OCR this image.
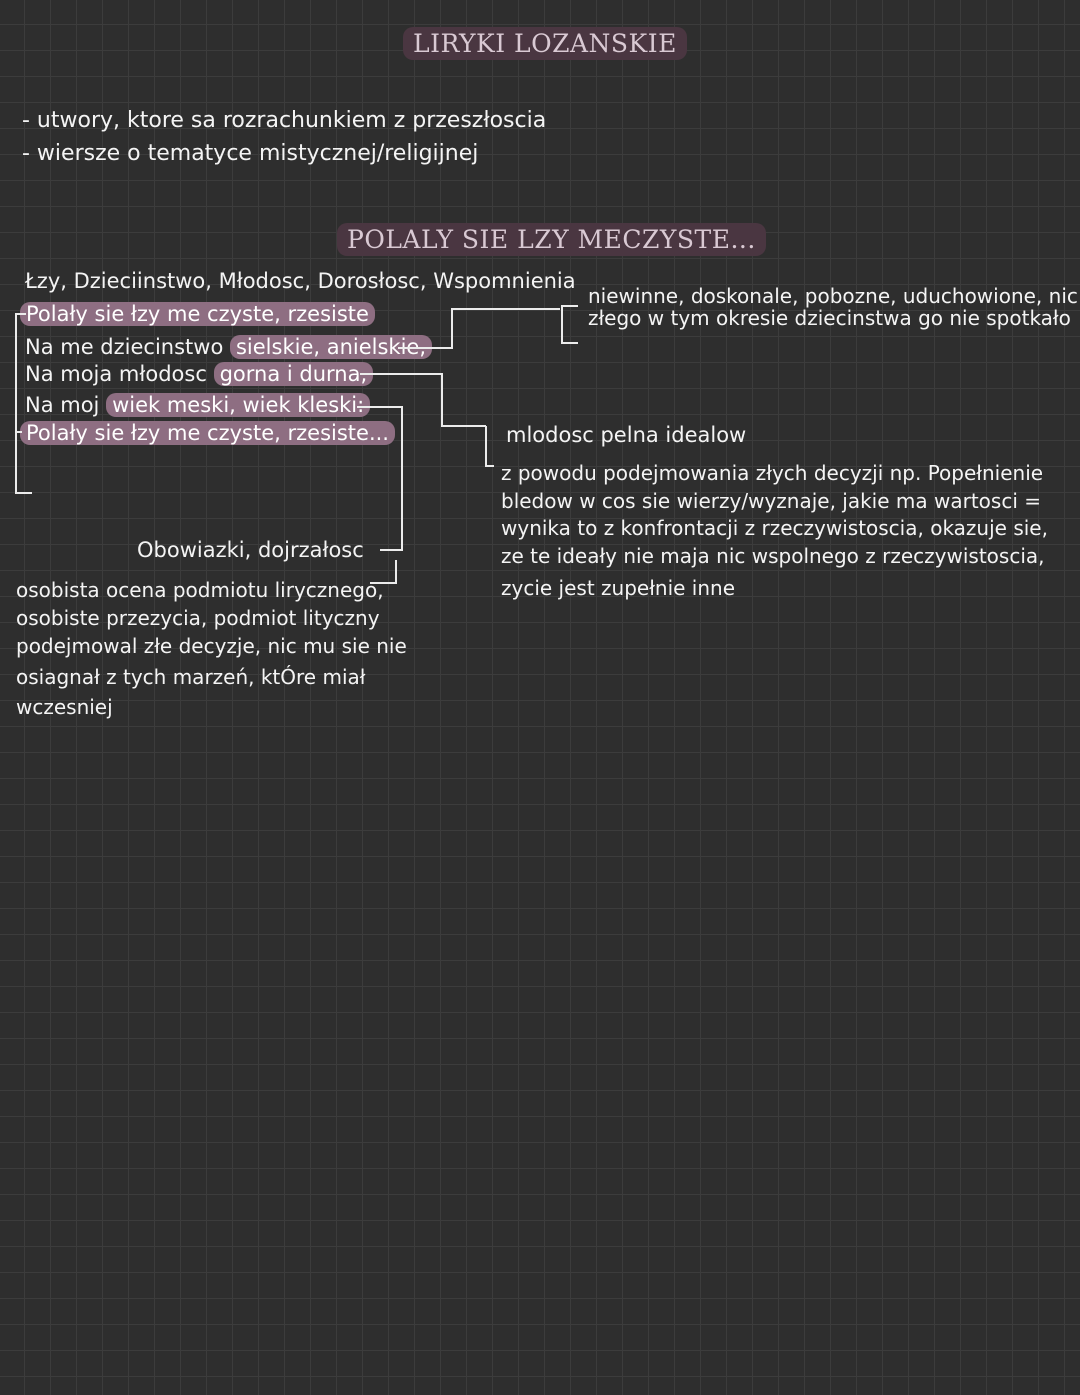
LIRYKI LOZANSKIE
- utwory, ktore sa rozrachunkiem z przeszłoscia
- wiersze o tematyce mistycznej/religijnej
POLALY SIE LZY MECZYSTE...
Łzy, Dzieciinstwo, Młodosc, Dorosłosc, Wspomnienia
Polały sie łzy me czyste, rzesiste
Na me dziecinstwo sielskie, anielskie,
Na moja młodosc gorna i durna,
Na moj wiek meski, wiek kleski:
Polały sie łzy me czyste, rzesiste...
niewinne, doskonale, pobozne, uduchowione, nic
złego w tym okresie dziecinstwa go nie spotkało
mlodosc pelna idealow
z powodu podejmowania złych decyzji np. Popełnienie
bledow w cos sie wierzy/wyznaje, jakie ma wartosci =
wynika to z konfrontacji z rzeczywistoscia, okazuje sie,
ze te ideały nie maja nic wspolnego z rzeczywistoscia,
zycie jest zupełnie inne
Obowiazki, dojrzałosc
osobista ocena podmiotu lirycznego,
osobiste przezycia, podmiot lityczny
podejmowal złe decyzje, nic mu sie nie
osiagnał z tych marzeń, ktÓre miał
wczesniej
